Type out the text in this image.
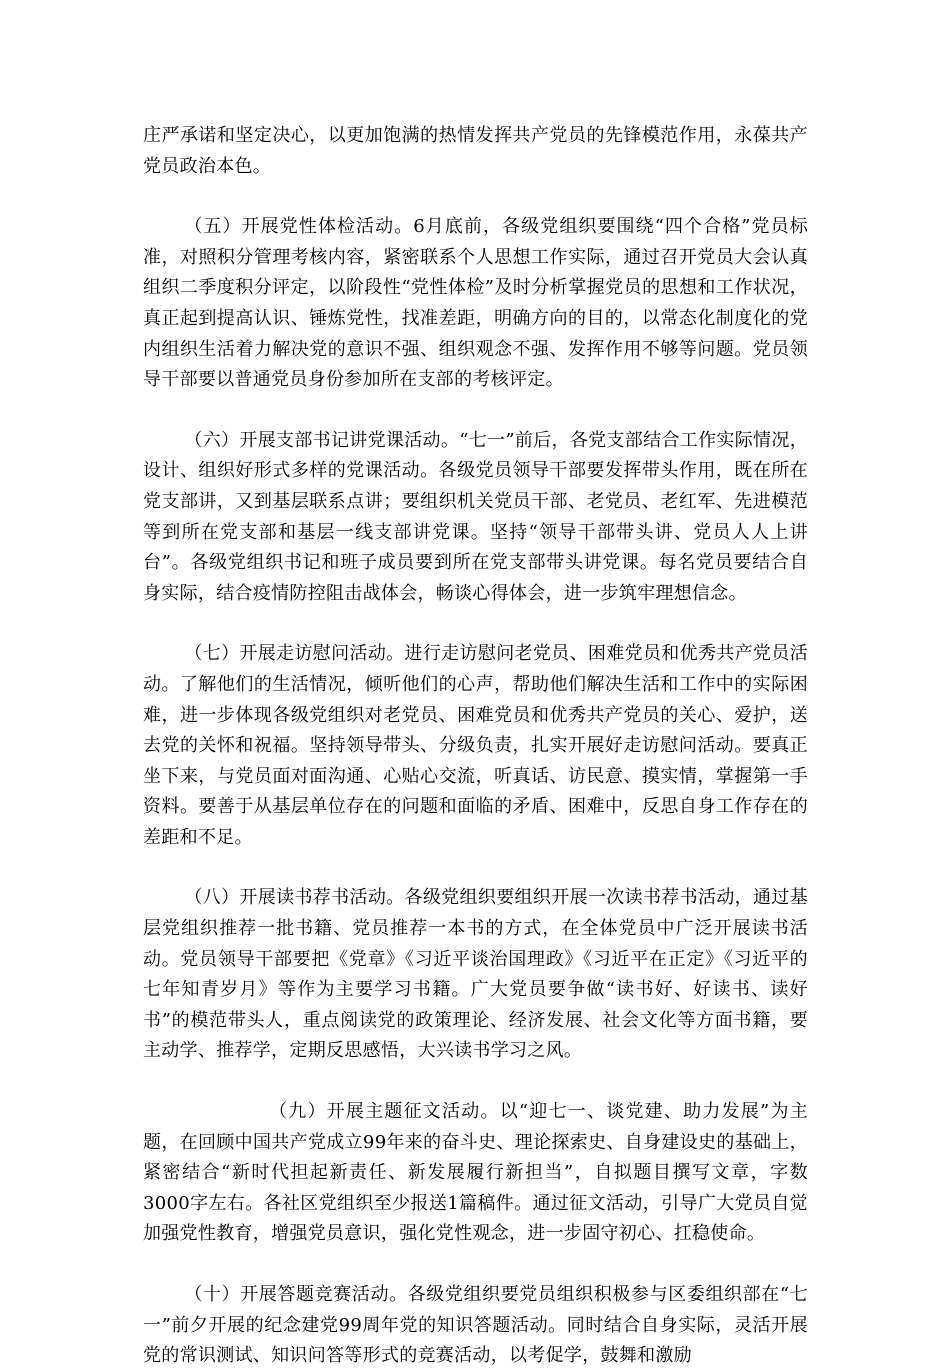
庄严承诺和坚定决心，以更加饱满的热情发挥共产党员的先锋模范作用，永葆共产党员政治本色。

（五）开展党性体检活动。6月底前，各级党组织要围绕“四个合格”党员标准，对照积分管理考核内容，紧密联系个人思想工作实际，通过召开党员大会认真组织二季度积分评定，以阶段性“党性体检”及时分析掌握党员的思想和工作状况，真正起到提高认识、锤炼党性，找准差距，明确方向的目的，以常态化制度化的党内组织生活着力解决党的意识不强、组织观念不强、发挥作用不够等问题。党员领导干部要以普通党员身份参加所在支部的考核评定。

（六）开展支部书记讲党课活动。“七一”前后，各党支部结合工作实际情况，设计、组织好形式多样的党课活动。各级党员领导干部要发挥带头作用，既在所在党支部讲，又到基层联系点讲；要组织机关党员干部、老党员、老红军、先进模范等到所在党支部和基层一线支部讲党课。坚持“领导干部带头讲、党员人人上讲台”。各级党组织书记和班子成员要到所在党支部带头讲党课。每名党员要结合自身实际，结合疫情防控阻击战体会，畅谈心得体会，进一步筑牢理想信念。

（七）开展走访慰问活动。进行走访慰问老党员、困难党员和优秀共产党员活动。了解他们的生活情况，倾听他们的心声，帮助他们解决生活和工作中的实际困难，进一步体现各级党组织对老党员、困难党员和优秀共产党员的关心、爱护，送去党的关怀和祝福。坚持领导带头、分级负责，扎实开展好走访慰问活动。要真正坐下来，与党员面对面沟通、心贴心交流，听真话、访民意、摸实情，掌握第一手资料。要善于从基层单位存在的问题和面临的矛盾、困难中，反思自身工作存在的差距和不足。

（八）开展读书荐书活动。各级党组织要组织开展一次读书荐书活动，通过基层党组织推荐一批书籍、党员推荐一本书的方式，在全体党员中广泛开展读书活动。党员领导干部要把《党章》《习近平谈治国理政》《习近平在正定》《习近平的七年知青岁月》等作为主要学习书籍。广大党员要争做“读书好、好读书、读好书”的模范带头人，重点阅读党的政策理论、经济发展、社会文化等方面书籍，要主动学、推荐学，定期反思感悟，大兴读书学习之风。

（九）开展主题征文活动。以“迎七一、谈党建、助力发展”为主题，在回顾中国共产党成立99年来的奋斗史、理论探索史、自身建设史的基础上，紧密结合“新时代担起新责任、新发展履行新担当”，自拟题目撰写文章，字数3000字左右。各社区党组织至少报送1篇稿件。通过征文活动，引导广大党员自觉加强党性教育，增强党员意识，强化党性观念，进一步固守初心、扛稳使命。

（十）开展答题竞赛活动。各级党组织要党员组织积极参与区委组织部在“七一”前夕开展的纪念建党99周年党的知识答题活动。同时结合自身实际，灵活开展党的常识测试、知识问答等形式的竞赛活动，以考促学，鼓舞和激励
